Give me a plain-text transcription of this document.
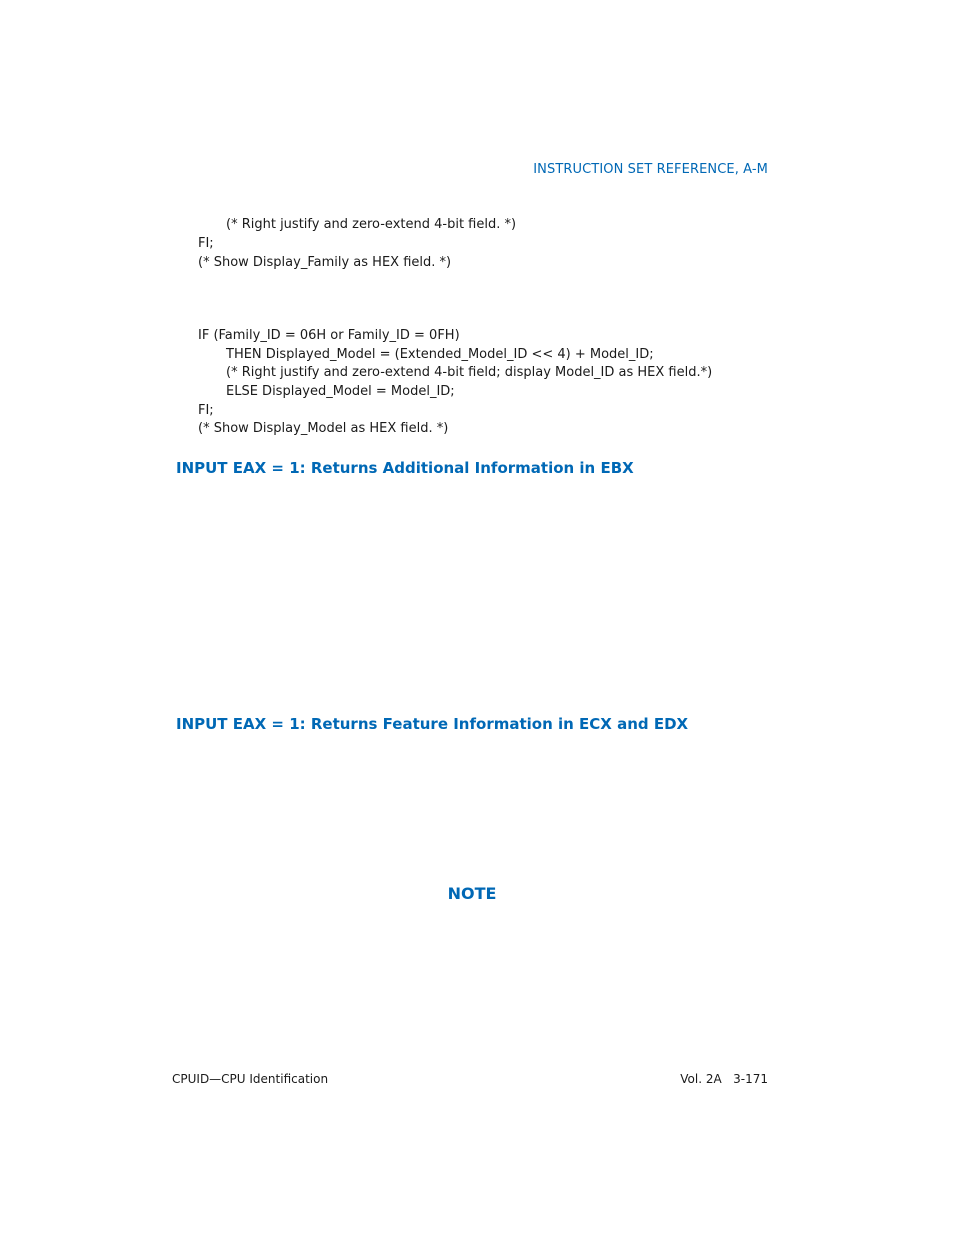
INSTRUCTION SET REFERENCE, A-M
(* Right justify and zero-extend 4-bit field. *)
FI;
(* Show Display_Family as HEX field. *)
IF (Family_ID = 06H or Family_ID = 0FH)
THEN Displayed_Model = (Extended_Model_ID << 4) + Model_ID;
(* Right justify and zero-extend 4-bit field; display Model_ID as HEX field.*)
ELSE Displayed_Model = Model_ID;
FI;
(* Show Display_Model as HEX field. *)
INPUT EAX = 1: Returns Additional Information in EBX
INPUT EAX = 1: Returns Feature Information in ECX and EDX
NOTE
CPUID—CPU Identification	Vol. 2A   3-171
